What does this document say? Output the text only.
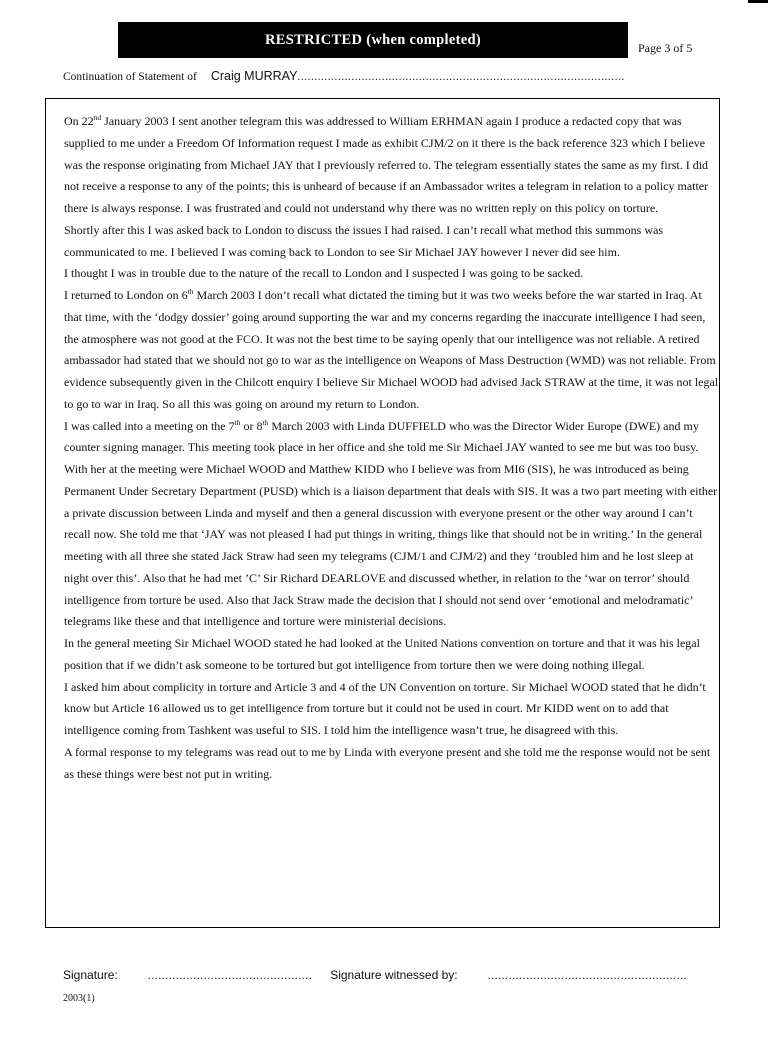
RESTRICTED (when completed)
Page 3 of 5
Continuation of Statement of Craig MURRAY .................................................................................................

On 22nd January 2003 I sent another telegram this was addressed to William ERHMAN again I produce a redacted copy that was supplied to me under a Freedom Of Information request I made as exhibit CJM/2 on it there is the back reference 323 which I believe was the response originating from Michael JAY that I previously referred to. The telegram essentially states the same as my first. I did not receive a response to any of the points; this is unheard of because if an Ambassador writes a telegram in relation to a policy matter there is always response. I was frustrated and could not understand why there was no written reply on this policy on torture.

Shortly after this I was asked back to London to discuss the issues I had raised. I can’t recall what method this summons was communicated to me. I believed I was coming back to London to see Sir Michael JAY however I never did see him.

I thought I was in trouble due to the nature of the recall to London and I suspected I was going to be sacked.

I returned to London on 6th March 2003 I don’t recall what dictated the timing but it was two weeks before the war started in Iraq. At that time, with the ‘dodgy dossier’ going around supporting the war and my concerns regarding the inaccurate intelligence I had seen, the atmosphere was not good at the FCO. It was not the best time to be saying openly that our intelligence was not reliable. A retired ambassador had stated that we should not go to war as the intelligence on Weapons of Mass Destruction (WMD) was not reliable. From evidence subsequently given in the Chilcott enquiry I believe Sir Michael WOOD had advised Jack STRAW at the time, it was not legal to go to war in Iraq. So all this was going on around my return to London.

I was called into a meeting on the 7th or 8th March 2003 with Linda DUFFIELD who was the Director Wider Europe (DWE) and my counter signing manager. This meeting took place in her office and she told me Sir Michael JAY wanted to see me but was too busy. With her at the meeting were Michael WOOD and Matthew KIDD who I believe was from MI6 (SIS), he was introduced as being Permanent Under Secretary Department (PUSD) which is a liaison department that deals with SIS. It was a two part meeting with either a private discussion between Linda and myself and then a general discussion with everyone present or the other way around I can’t recall now. She told me that ‘JAY was not pleased I had put things in writing, things like that should not be in writing.’ In the general meeting with all three she stated Jack Straw had seen my telegrams (CJM/1 and CJM/2) and they ‘troubled him and he lost sleep at night over this’. Also that he had met ’C’ Sir Richard DEARLOVE and discussed whether, in relation to the ‘war on terror’ should intelligence from torture be used. Also that Jack Straw made the decision that I should not send over ‘emotional and melodramatic’ telegrams like these and that intelligence and torture were ministerial decisions.

In the general meeting Sir Michael WOOD stated he had looked at the United Nations convention on torture and that it was his legal position that if we didn’t ask someone to be tortured but got intelligence from torture then we were doing nothing illegal.

I asked him about complicity in torture and Article 3 and 4 of the UN Convention on torture. Sir Michael WOOD stated that he didn’t know but Article 16 allowed us to get intelligence from torture but it could not be used in court. Mr KIDD went on to add that intelligence coming from Tashkent was useful to SIS. I told him the intelligence wasn’t true, he disagreed with this.

A formal response to my telegrams was read out to me by Linda with everyone present and she told me the response would not be sent as these things were best not put in writing.

Signature:	............................................... Signature witnessed by:	.........................................................
2003(1)
